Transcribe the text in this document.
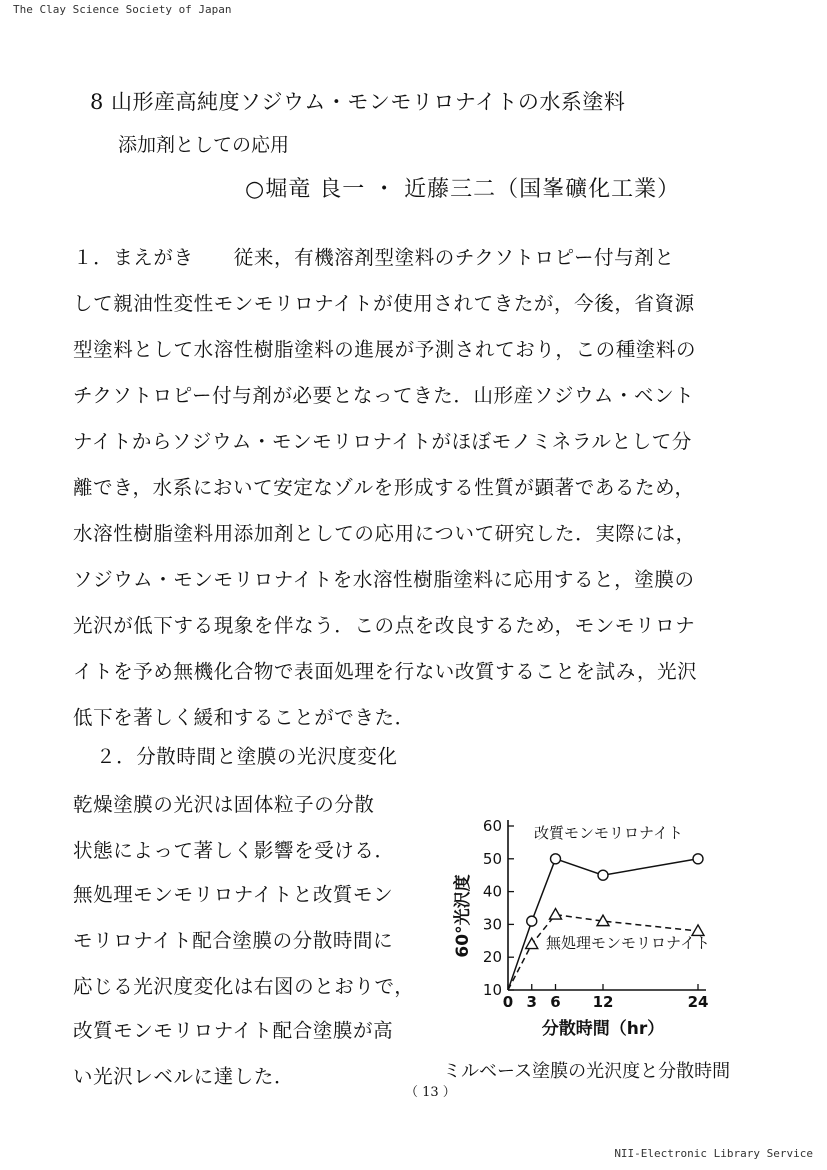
The Clay Science Society of Japan
8 山形産高純度ソジウム・モンモリロナイトの水系塗料
添加剤としての応用
○堀竜 良一 ・ 近藤三二（国峯礦化工業）
１．まえがき　　従来，有機溶剤型塗料のチクソトロピー付与剤と
して親油性変性モンモリロナイトが使用されてきたが，今後，省資源
型塗料として水溶性樹脂塗料の進展が予測されており，この種塗料の
チクソトロピー付与剤が必要となってきた．山形産ソジウム・ベント
ナイトからソジウム・モンモリロナイトがほぼモノミネラルとして分
離でき，水系において安定なゾルを形成する性質が顕著であるため，
水溶性樹脂塗料用添加剤としての応用について研究した．実際には，
ソジウム・モンモリロナイトを水溶性樹脂塗料に応用すると，塗膜の
光沢が低下する現象を伴なう．この点を改良するため，モンモリロナ
イトを予め無機化合物で表面処理を行ない改質することを試み，光沢
低下を著しく緩和することができた．
２．分散時間と塗膜の光沢度変化
乾燥塗膜の光沢は固体粒子の分散
状態によって著しく影響を受ける．
無処理モンモリロナイトと改質モン
モリロナイト配合塗膜の分散時間に
応じる光沢度変化は右図のとおりで，
改質モンモリロナイト配合塗膜が高
い光沢レベルに達した．
10
20
30
40
50
60
0 3 6 12	24
60°光沢度
分散時間（hr）
改質モンモリロナイト
無処理モンモリロナイト
ミルベース塗膜の光沢度と分散時間
（ 13 ）
NII-Electronic Library Service
